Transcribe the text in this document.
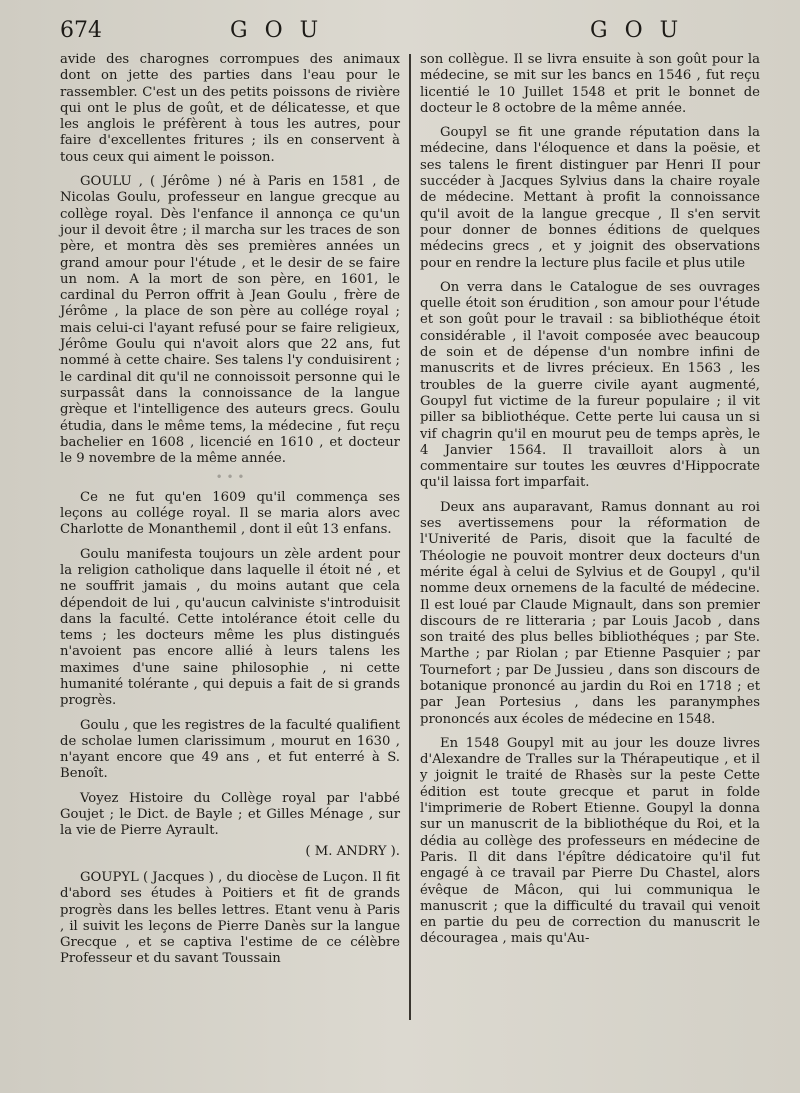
674	G O U	G O U

avide des charognes corrompues des animaux dont on jette des parties dans l'eau pour le rassembler. C'est un des petits poissons de rivière qui ont le plus de goût, et de délicatesse, et que les anglois le préfèrent à tous les autres, pour faire d'excellentes fritures ; ils en conservent à tous ceux qui aiment le poisson.

GOULU , ( Jérôme ) né à Paris en 1581 , de Nicolas Goulu, professeur en langue grecque au collège royal. Dès l'enfance il annonça ce qu'un jour il devoit être ; il marcha sur les traces de son père, et montra dès ses premières années un grand amour pour l'étude , et le desir de se faire un nom. A la mort de son père, en 1601, le cardinal du Perron offrit à Jean Goulu , frère de Jérôme , la place de son père au collége royal ; mais celui-ci l'ayant refusé pour se faire religieux, Jérôme Goulu qui n'avoit alors que 22 ans, fut nommé à cette chaire. Ses talens l'y conduisirent ; le cardinal dit qu'il ne connoissoit personne qui le surpassât dans la connoissance de la langue grèque et l'intelligence des auteurs grecs. Goulu étudia, dans le même tems, la médecine , fut reçu bachelier en 1608 , licencié en 1610 , et docteur le 9 novembre de la même année.

• • •

Ce ne fut qu'en 1609 qu'il commença ses leçons au collége royal. Il se maria alors avec Charlotte de Monanthemil , dont il eût 13 enfans.

Goulu manifesta toujours un zèle ardent pour la religion catholique dans laquelle il étoit né , et ne souffrit jamais , du moins autant que cela dépendoit de lui , qu'aucun calviniste s'introduisit dans la faculté. Cette intolérance étoit celle du tems ; les docteurs même les plus distingués n'avoient pas encore allié à leurs talens les maximes d'une saine philosophie , ni cette humanité tolérante , qui depuis a fait de si grands progrès.

Goulu , que les registres de la faculté qualifient de scholae lumen clarissimum , mourut en 1630 , n'ayant encore que 49 ans , et fut enterré à S. Benoît.

Voyez Histoire du Collège royal par l'abbé Goujet ; le Dict. de Bayle ; et Gilles Ménage , sur la vie de Pierre Ayrault.

( M. ANDRY ).

GOUPYL ( Jacques ) , du diocèse de Luçon. Il fit d'abord ses études à Poitiers et fit de grands progrès dans les belles lettres. Etant venu à Paris , il suivit les leçons de Pierre Danès sur la langue Grecque , et se captiva l'estime de ce célèbre Professeur et du savant Toussain

son collègue. Il se livra ensuite à son goût pour la médecine, se mit sur les bancs en 1546 , fut reçu licentié le 10 Juillet 1548 et prit le bonnet de docteur le 8 octobre de la même année.

Goupyl se fit une grande réputation dans la médecine, dans l'éloquence et dans la poësie, et ses talens le firent distinguer par Henri II pour succéder à Jacques Sylvius dans la chaire royale de médecine. Mettant à profit la connoissance qu'il avoit de la langue grecque , Il s'en servit pour donner de bonnes éditions de quelques médecins grecs , et y joignit des observations pour en rendre la lecture plus facile et plus utile

On verra dans le Catalogue de ses ouvrages quelle étoit son érudition , son amour pour l'étude et son goût pour le travail : sa bibliothéque étoit considérable , il l'avoit composée avec beaucoup de soin et de dépense d'un nombre infini de manuscrits et de livres précieux. En 1563 , les troubles de la guerre civile ayant augmenté, Goupyl fut victime de la fureur populaire ; il vit piller sa bibliothéque. Cette perte lui causa un si vif chagrin qu'il en mourut peu de temps après, le 4 Janvier 1564. Il travailloit alors à un commentaire sur toutes les œuvres d'Hippocrate qu'il laissa fort imparfait.

Deux ans auparavant, Ramus donnant au roi ses avertissemens pour la réformation de l'Univerité de Paris, disoit que la faculté de Théologie ne pouvoit montrer deux docteurs d'un mérite égal à celui de Sylvius et de Goupyl , qu'il nomme deux ornemens de la faculté de médecine. Il est loué par Claude Mignault, dans son premier discours de re litteraria ; par Louis Jacob , dans son traité des plus belles bibliothéques ; par Ste. Marthe ; par Riolan ; par Etienne Pasquier ; par Tournefort ; par De Jussieu , dans son discours de botanique prononcé au jardin du Roi en 1718 ; et par Jean Portesius , dans les paranymphes prononcés aux écoles de médecine en 1548.

En 1548 Goupyl mit au jour les douze livres d'Alexandre de Tralles sur la Thérapeutique , et il y joignit le traité de Rhasès sur la peste Cette édition est toute grecque et parut in folde l'imprimerie de Robert Etienne. Goupyl la donna sur un manuscrit de la bibliothéque du Roi, et la dédia au collège des professeurs en médecine de Paris. Il dit dans l'épître dédicatoire qu'il fut engagé à ce travail par Pierre Du Chastel, alors évêque de Mâcon, qui lui communiqua le manuscrit ; que la difficulté du travail qui venoit en partie du peu de correction du manuscrit le découragea , mais qu'Au-
